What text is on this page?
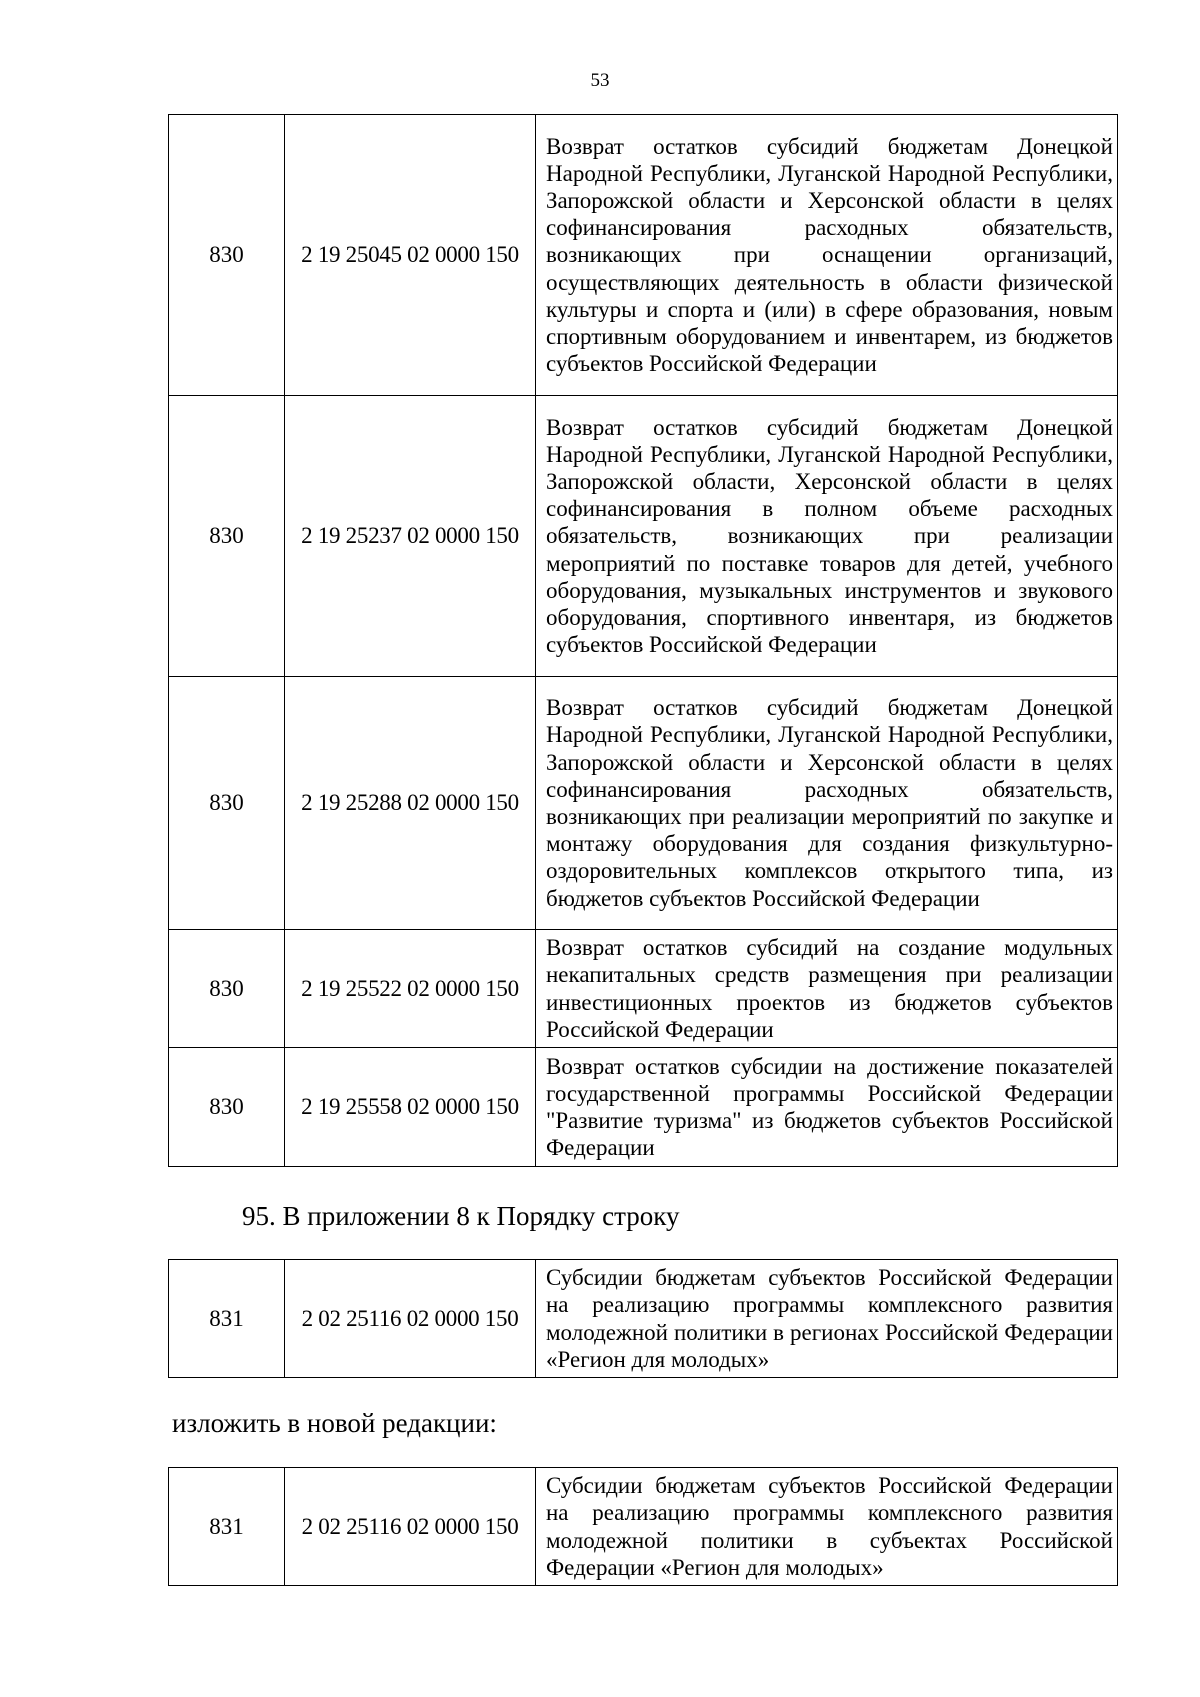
53
830	2 19 25045 02 0000 150	Возврат остатков субсидий бюджетам Донецкой Народной Республики, Луганской Народной Республики, Запорожской области и Херсонской области в целях софинансирования расходных обязательств, возникающих при оснащении организаций, осуществляющих деятельность в области физической культуры и спорта и (или) в сфере образования, новым спортивным оборудованием и инвентарем, из бюджетов субъектов Российской Федерации
830	2 19 25237 02 0000 150	Возврат остатков субсидий бюджетам Донецкой Народной Республики, Луганской Народной Республики, Запорожской области, Херсонской области в целях софинансирования в полном объеме расходных обязательств, возникающих при реализации мероприятий по поставке товаров для детей, учебного оборудования, музыкальных инструментов и звукового оборудования, спортивного инвентаря, из бюджетов субъектов Российской Федерации
830	2 19 25288 02 0000 150	Возврат остатков субсидий бюджетам Донецкой Народной Республики, Луганской Народной Республики, Запорожской области и Херсонской области в целях софинансирования расходных обязательств, возникающих при реализации мероприятий по закупке и монтажу оборудования для создания физкультурно-оздоровительных комплексов открытого типа, из бюджетов субъектов Российской Федерации
830	2 19 25522 02 0000 150	Возврат остатков субсидий на создание модульных некапитальных средств размещения при реализации инвестиционных проектов из бюджетов субъектов Российской Федерации
830	2 19 25558 02 0000 150	Возврат остатков субсидии на достижение показателей государственной программы Российской Федерации "Развитие туризма" из бюджетов субъектов Российской Федерации
95. В приложении 8 к Порядку строку
831	2 02 25116 02 0000 150	Субсидии бюджетам субъектов Российской Федерации на реализацию программы комплексного развития молодежной политики в регионах Российской Федерации «Регион для молодых»
изложить в новой редакции:
831	2 02 25116 02 0000 150	Субсидии бюджетам субъектов Российской Федерации на реализацию программы комплексного развития молодежной политики в субъектах Российской Федерации «Регион для молодых»
